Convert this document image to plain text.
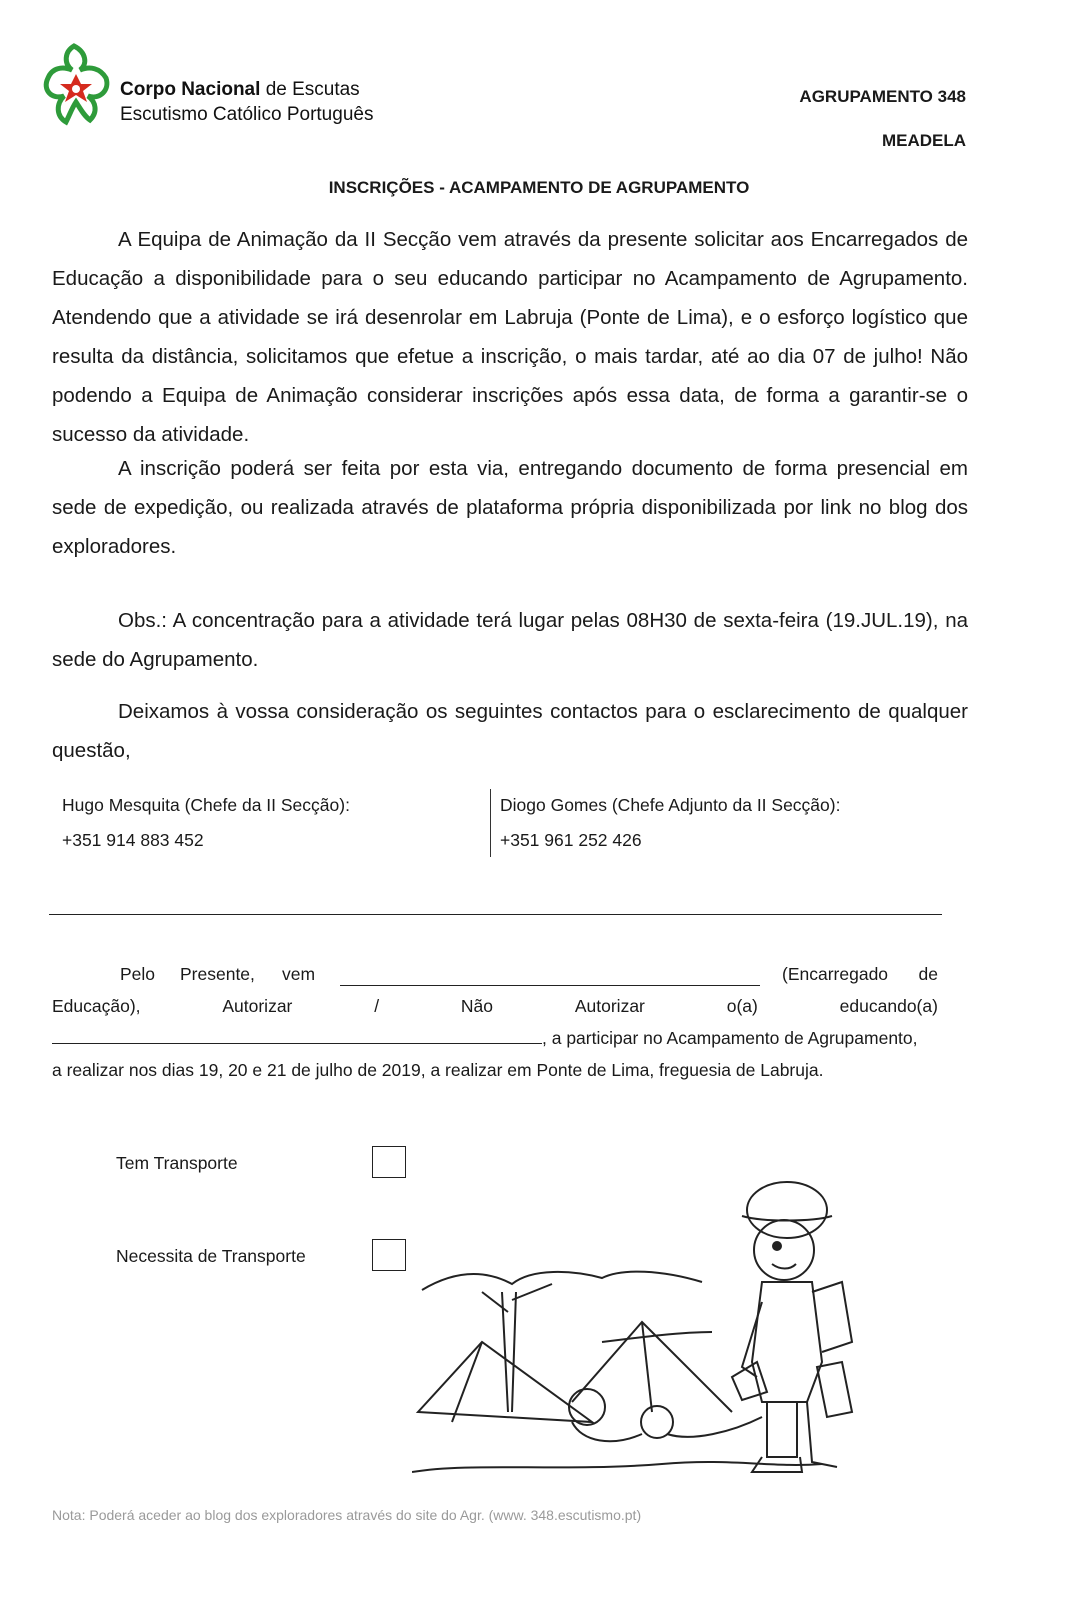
Corpo Nacional de Escutas
Escutismo Católico Português
AGRUPAMENTO 348
MEADELA
INSCRIÇÕES - ACAMPAMENTO DE AGRUPAMENTO

A Equipa de Animação da II Secção vem através da presente solicitar aos Encarregados de Educação a disponibilidade para o seu educando participar no Acampamento de Agrupamento. Atendendo que a atividade se irá desenrolar em Labruja (Ponte de Lima), e o esforço logístico que resulta da distância, solicitamos que efetue a inscrição, o mais tardar, até ao dia 07 de julho! Não podendo a Equipa de Animação considerar inscrições após essa data, de forma a garantir-se o sucesso da atividade.

A inscrição poderá ser feita por esta via, entregando documento de forma presencial em sede de expedição, ou realizada através de plataforma própria disponibilizada por link no blog dos exploradores.

Obs.: A concentração para a atividade terá lugar pelas 08H30 de sexta-feira (19.JUL.19), na sede do Agrupamento.

Deixamos à vossa consideração os seguintes contactos para o esclarecimento de qualquer questão,

Hugo Mesquita (Chefe da II Secção):
+351 914 883 452
Diogo Gomes (Chefe Adjunto da II Secção):
+351 961 252 426
Pelo Presente, vem	(Encarregado de
Educação),	Autorizar	/	Não	Autorizar	o(a)	educando(a)
, a participar no Acampamento de Agrupamento,
a realizar nos dias 19, 20 e 21 de julho de 2019, a realizar em Ponte de Lima, freguesia de Labruja.
Tem Transporte
Necessita de Transporte
Nota: Poderá aceder ao blog dos exploradores através do site do Agr. (www. 348.escutismo.pt)
